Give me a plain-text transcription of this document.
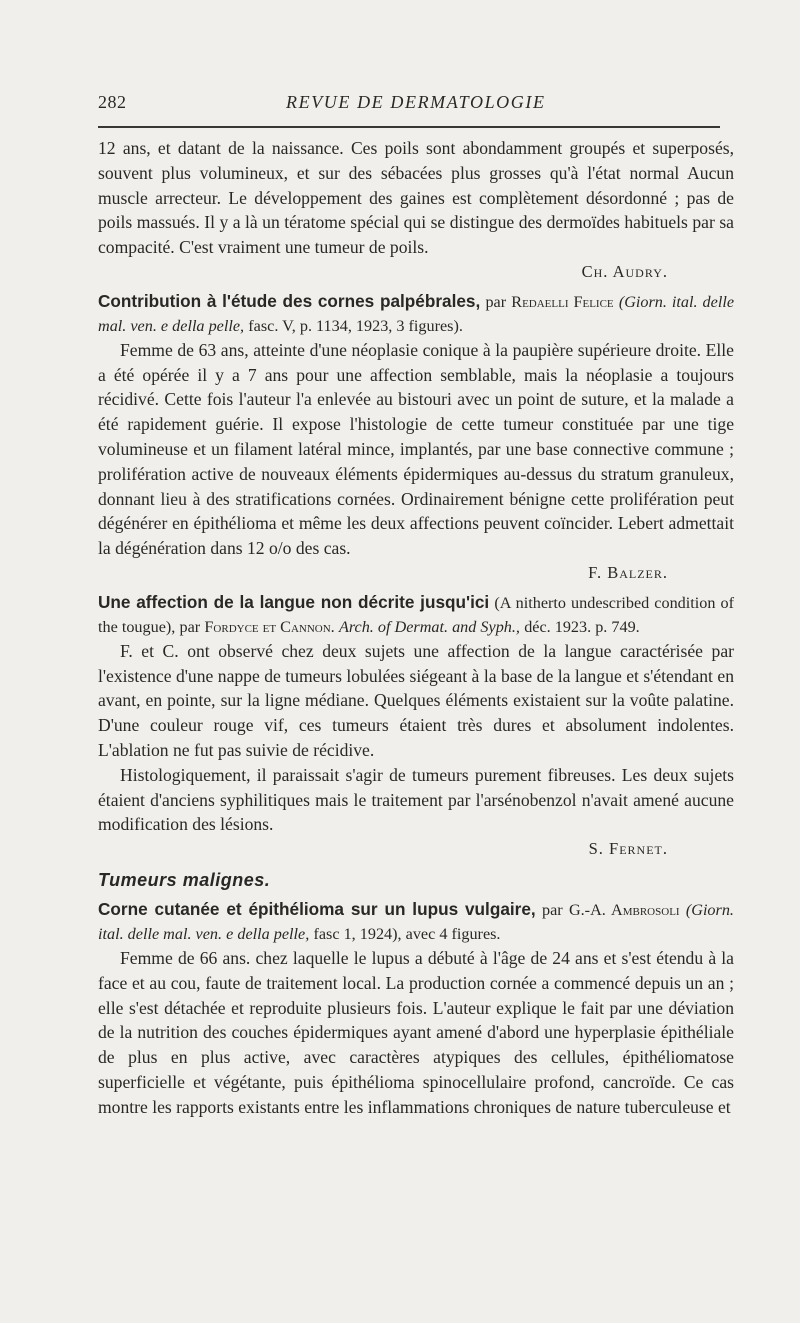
282	REVUE DE DERMATOLOGIE

12 ans, et datant de la naissance. Ces poils sont abondamment groupés et superposés, souvent plus volumineux, et sur des sébacées plus grosses qu'à l'état normal Aucun muscle arrecteur. Le développement des gaines est complètement désordonné ; pas de poils massués. Il y a là un tératome spécial qui se distingue des dermoïdes habituels par sa compacité. C'est vraiment une tumeur de poils.

Ch. Audry.
Contribution à l'étude des cornes palpébrales, par Redaelli Felice (Giorn. ital. delle mal. ven. e della pelle, fasc. V, p. 1134, 1923, 3 figures).

Femme de 63 ans, atteinte d'une néoplasie conique à la paupière supérieure droite. Elle a été opérée il y a 7 ans pour une affection semblable, mais la néoplasie a toujours récidivé. Cette fois l'auteur l'a enlevée au bistouri avec un point de suture, et la malade a été rapidement guérie. Il expose l'histologie de cette tumeur constituée par une tige volumineuse et un filament latéral mince, implantés, par une base connective commune ; prolifération active de nouveaux éléments épidermiques au-dessus du stratum granuleux, donnant lieu à des stratifications cornées. Ordinairement bénigne cette prolifération peut dégénérer en épithélioma et même les deux affections peuvent coïncider. Lebert admettait la dégénération dans 12 o/o des cas.

F. Balzer.
Une affection de la langue non décrite jusqu'ici (A nitherto undescribed condition of the tougue), par Fordyce et Cannon. Arch. of Dermat. and Syph., déc. 1923. p. 749.

F. et C. ont observé chez deux sujets une affection de la langue caractérisée par l'existence d'une nappe de tumeurs lobulées siégeant à la base de la langue et s'étendant en avant, en pointe, sur la ligne médiane. Quelques éléments existaient sur la voûte palatine. D'une couleur rouge vif, ces tumeurs étaient très dures et absolument indolentes. L'ablation ne fut pas suivie de récidive.

Histologiquement, il paraissait s'agir de tumeurs purement fibreuses. Les deux sujets étaient d'anciens syphilitiques mais le traitement par l'arsénobenzol n'avait amené aucune modification des lésions.

S. Fernet.
Tumeurs malignes.
Corne cutanée et épithélioma sur un lupus vulgaire, par G.-A. Ambrosoli (Giorn. ital. delle mal. ven. e della pelle, fasc 1, 1924), avec 4 figures.

Femme de 66 ans. chez laquelle le lupus a débuté à l'âge de 24 ans et s'est étendu à la face et au cou, faute de traitement local. La production cornée a commencé depuis un an ; elle s'est détachée et reproduite plusieurs fois. L'auteur explique le fait par une déviation de la nutrition des couches épidermiques ayant amené d'abord une hyperplasie épithéliale de plus en plus active, avec caractères atypiques des cellules, épithéliomatose superficielle et végétante, puis épithélioma spinocellulaire profond, cancroïde. Ce cas montre les rapports existants entre les inflammations chroniques de nature tuberculeuse et
